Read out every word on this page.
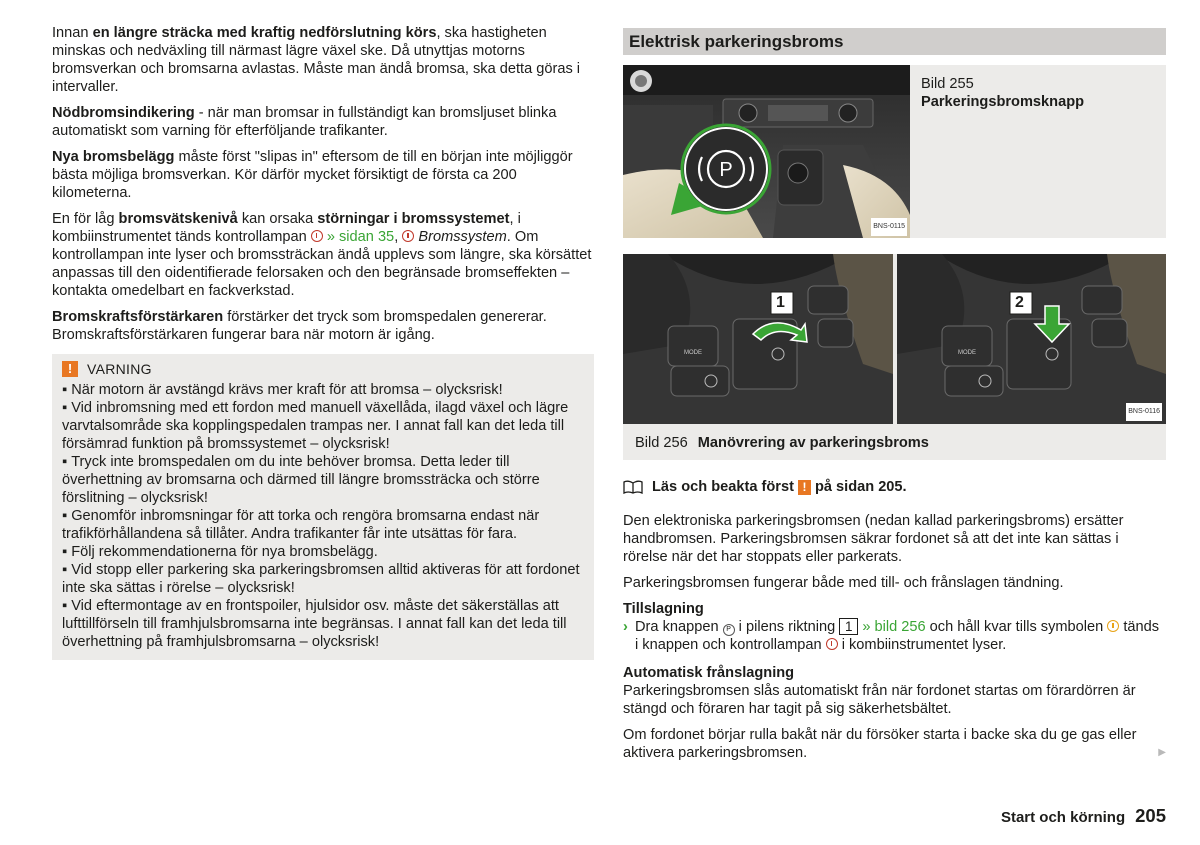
Innan en längre sträcka med kraftig nedförslutning körs, ska hastigheten minskas och nedväxling till närmast lägre växel ske. Då utnyttjas motorns bromsverkan och bromsarna avlastas. Måste man ändå bromsa, ska detta göras i intervaller.

Nödbromsindikering - när man bromsar in fullständigt kan bromsljuset blinka automatiskt som varning för efterföljande trafikanter.

Nya bromsbelägg måste först "slipas in" eftersom de till en början inte möjliggör bästa möjliga bromsverkan. Kör därför mycket försiktigt de första ca 200 kilometerna.

En för låg bromsvätskenivå kan orsaka störningar i bromssystemet, i kombiinstrumentet tänds kontrollampan  » sidan 35,  Bromssystem. Om kontrollampan inte lyser och bromssträckan ändå upplevs som längre, ska körsättet anpassas till den oidentifierade felorsaken och den begränsade bromseffekten – kontakta omedelbart en fackverkstad.

Bromskraftsförstärkaren förstärker det tryck som bromspedalen genererar. Bromskraftsförstärkaren fungerar bara när motorn är igång.

!	VARNING
▪ När motorn är avstängd krävs mer kraft för att bromsa – olycksrisk!
▪ Vid inbromsning med ett fordon med manuell växellåda, ilagd växel och lägre varvtalsområde ska kopplingspedalen trampas ner. I annat fall kan det leda till försämrad funktion på bromssystemet – olycksrisk!
▪ Tryck inte bromspedalen om du inte behöver bromsa. Detta leder till överhettning av bromsarna och därmed till längre bromssträcka och större förslitning – olycksrisk!
▪ Genomför inbromsningar för att torka och rengöra bromsarna endast när trafikförhållandena så tillåter. Andra trafikanter får inte utsättas för fara.
▪ Följ rekommendationerna för nya bromsbelägg.
▪ Vid stopp eller parkering ska parkeringsbromsen alltid aktiveras för att fordonet inte ska sättas i rörelse – olycksrisk!
▪ Vid eftermontage av en frontspoiler, hjulsidor osv. måste det säkerställas att lufttillförseln till framhjulsbromsarna inte begränsas. I annat fall kan det leda till överhettning på framhjulsbromsarna – olycksrisk!
Elektrisk parkeringsbroms
P
BNS-0115
Bild 255
Parkeringsbromsknapp
MODE	MODE
1	2
BNS-0116
Bild 256 Manövrering av parkeringsbroms
Läs och beakta först ! på sidan 205.

Den elektroniska parkeringsbromsen (nedan kallad parkeringsbroms) ersätter handbromsen. Parkeringsbromsen säkrar fordonet så att det inte kan sättas i rörelse när det har stoppats eller parkerats.

Parkeringsbromsen fungerar både med till- och frånslagen tändning.

Tillslagning
› Dra knappen P i pilens riktning 1 » bild 256 och håll kvar tills symbolen  tänds i knappen och kontrollampan  i kombiinstrumentet lyser.
Automatisk frånslagning

Parkeringsbromsen slås automatiskt från när fordonet startas om förardörren är stängd och föraren har tagit på sig säkerhetsbältet.

Om fordonet börjar rulla bakåt när du försöker starta i backe ska du ge gas eller aktivera parkeringsbromsen.	▶
Start och körning 205
